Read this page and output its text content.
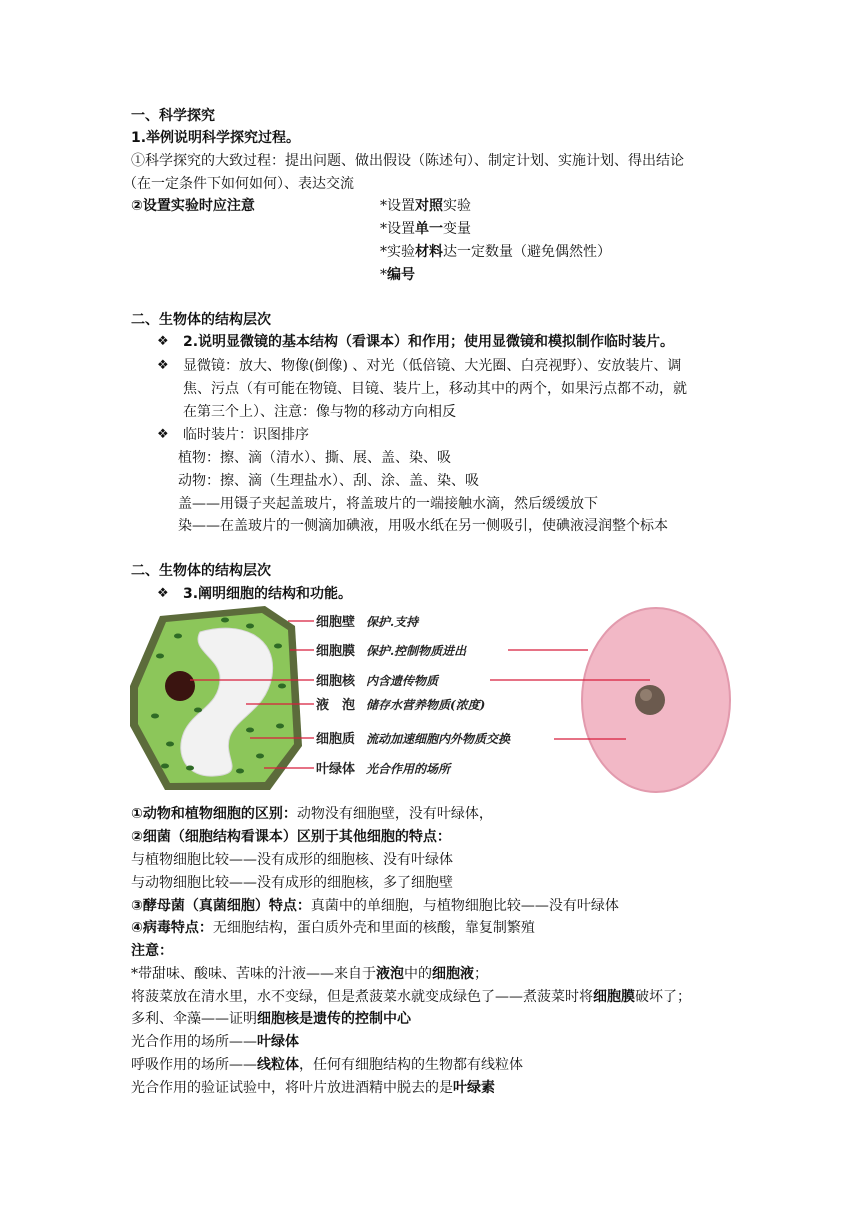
一、科学探究
1.举例说明科学探究过程。
①科学探究的大致过程：提出问题、做出假设（陈述句）、制定计划、实施计划、得出结论
（在一定条件下如何如何）、表达交流
②设置实验时应注意	*设置对照实验
*设置单一变量
*实验材料达一定数量（避免偶然性）
*编号
二、生物体的结构层次
❖ 2.说明显微镜的基本结构（看课本）和作用；使用显微镜和模拟制作临时装片。
❖ 显微镜：放大、物像(倒像) 、对光（低倍镜、大光圈、白亮视野）、安放装片、调
焦、污点（有可能在物镜、目镜、装片上，移动其中的两个，如果污点都不动，就
在第三个上）、注意：像与物的移动方向相反
❖ 临时装片：识图排序
植物：擦、滴（清水）、撕、展、盖、染、吸
动物：擦、滴（生理盐水）、刮、涂、盖、染、吸
盖——用镊子夹起盖玻片，将盖玻片的一端接触水滴，然后缓缓放下
染——在盖玻片的一侧滴加碘液，用吸水纸在另一侧吸引，使碘液浸润整个标本
二、生物体的结构层次
❖ 3.阐明细胞的结构和功能。
细胞壁 保护.支持
细胞膜 保护.控制物质进出
细胞核 内含遗传物质
液　泡 储存水营养物质(浓度)
细胞质 流动加速细胞内外物质交换
叶绿体 光合作用的场所
①动物和植物细胞的区别：动物没有细胞壁，没有叶绿体，
②细菌（细胞结构看课本）区别于其他细胞的特点：
与植物细胞比较——没有成形的细胞核、没有叶绿体
与动物细胞比较——没有成形的细胞核，多了细胞壁
③酵母菌（真菌细胞）特点：真菌中的单细胞，与植物细胞比较——没有叶绿体
④病毒特点：无细胞结构，蛋白质外壳和里面的核酸，靠复制繁殖
注意：
*带甜味、酸味、苦味的汁液——来自于液泡中的细胞液；
将菠菜放在清水里，水不变绿，但是煮菠菜水就变成绿色了——煮菠菜时将细胞膜破坏了；
多利、伞藻——证明细胞核是遗传的控制中心
光合作用的场所——叶绿体
呼吸作用的场所——线粒体，任何有细胞结构的生物都有线粒体
光合作用的验证试验中，将叶片放进酒精中脱去的是叶绿素
